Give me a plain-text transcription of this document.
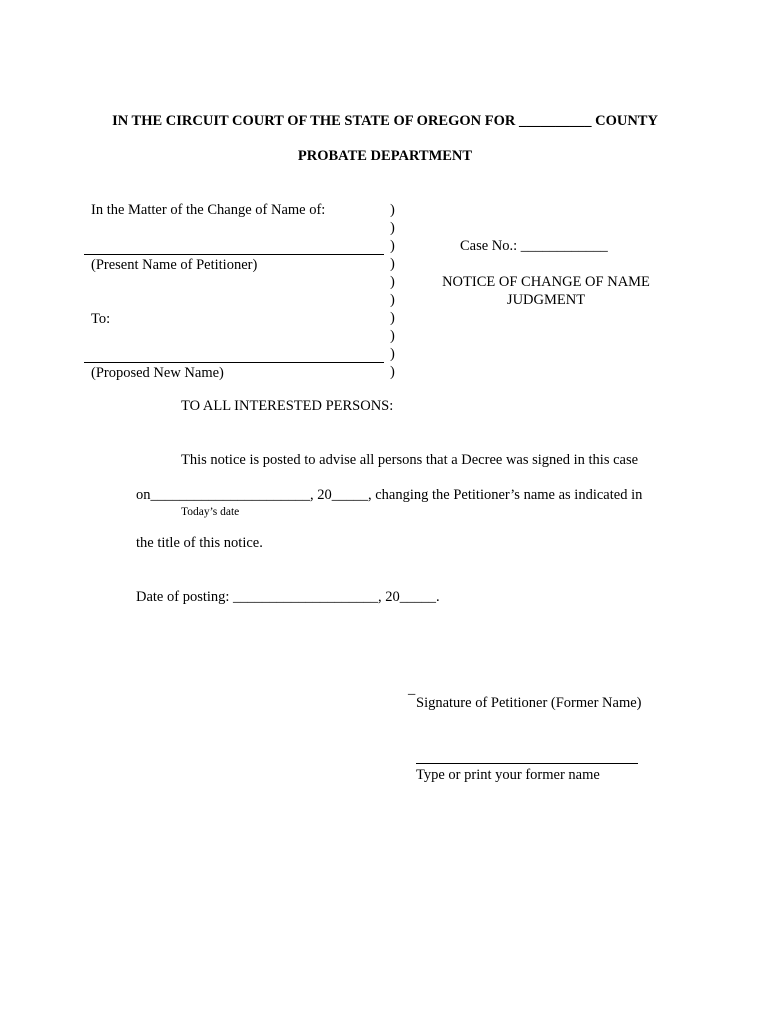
IN THE CIRCUIT COURT OF THE STATE OF OREGON FOR __________ COUNTY
PROBATE DEPARTMENT
In the Matter of the Change of Name of:
(Present Name of Petitioner)
To:
(Proposed New Name)
)
)
)
)
)
)
)
)
)
)
Case No.: ____________
NOTICE OF CHANGE OF NAME
JUDGMENT
TO ALL INTERESTED PERSONS:
This notice is posted to advise all persons that a Decree was signed in this case
on______________________, 20_____, changing the Petitioner’s name as indicated in
Today’s date
the title of this notice.
Date of posting: ____________________, 20_____.
_
Signature of Petitioner (Former Name)
Type or print your former name
